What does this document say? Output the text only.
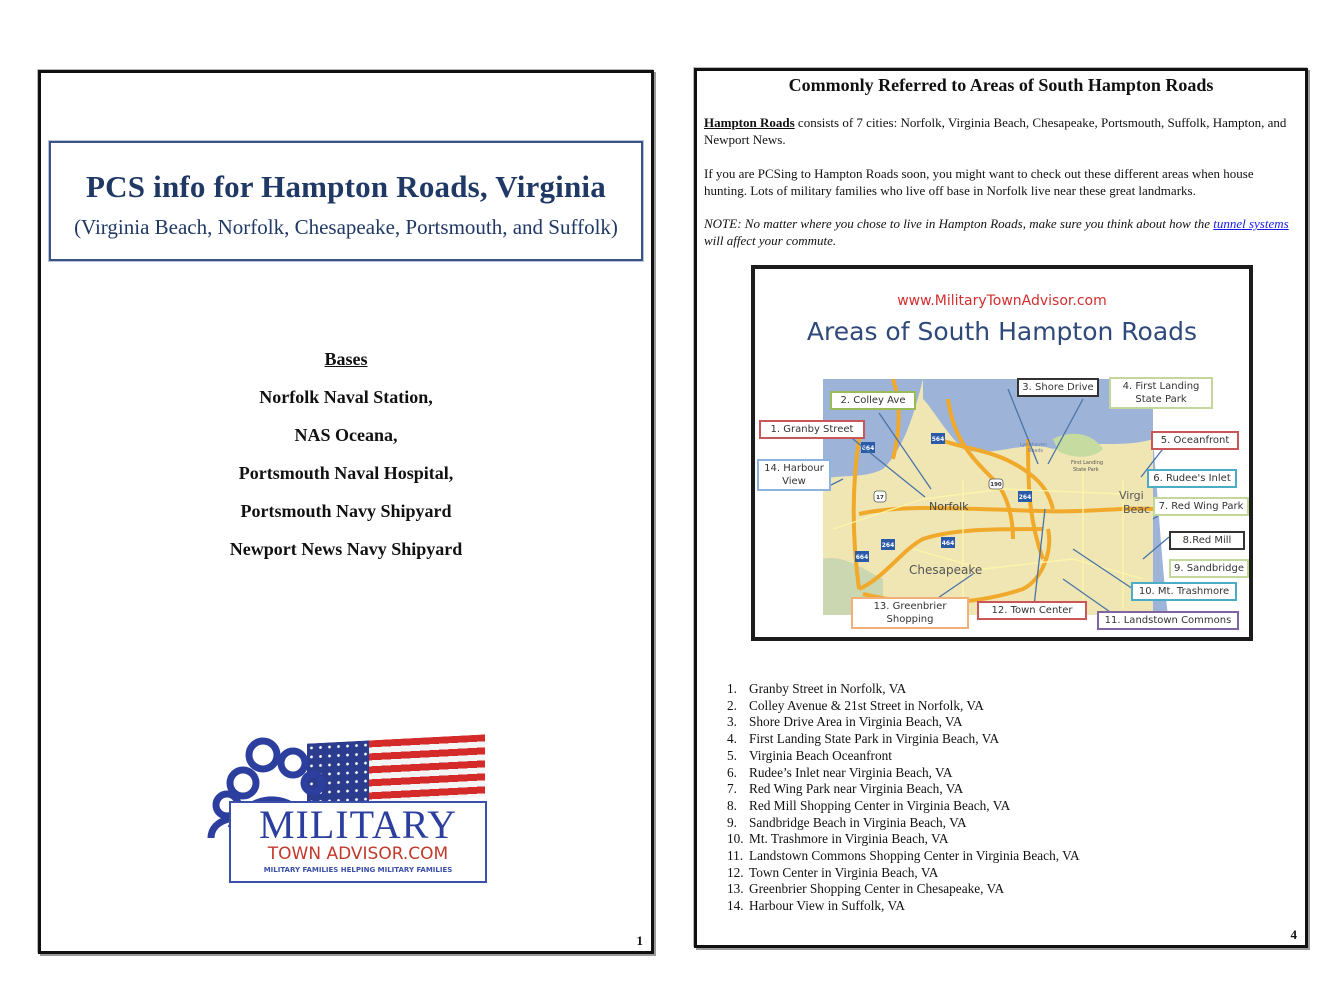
PCS info for Hampton Roads, Virginia
(Virginia Beach, Norfolk, Chesapeake, Portsmouth, and Suffolk)
Bases
Norfolk Naval Station,
NAS Oceana,
Portsmouth Naval Hospital,
Portsmouth Navy Shipyard
Newport News Navy Shipyard
MILITARY
TOWN ADVISOR.COM
MILITARY FAMILIES HELPING MILITARY FAMILIES
1
Commonly Referred to Areas of South Hampton Roads
Hampton Roads consists of 7 cities: Norfolk, Virginia Beach, Chesapeake, Portsmouth, Suffolk, Hampton, and Newport News.
If you are PCSing to Hampton Roads soon, you might want to check out these different areas when house hunting. Lots of military families who live off base in Norfolk live near these great landmarks.
NOTE: No matter where you chose to live in Hampton Roads, make sure you think about how the tunnel systems will affect your commute.
www.MilitaryTownAdvisor.com
Areas of South Hampton Roads
564
664
264
464
264
664
17
190
Norfolk
Chesapeake
Lynnhaven
Roads
First Landing
State Park
Virgi
Beac
1. Granby Street
2. Colley Ave
3. Shore Drive	4. First Landing
State Park
5. Oceanfront
6. Rudee's Inlet
7. Red Wing Park
8.Red Mill
9. Sandbridge
10. Mt. Trashmore
11. Landstown Commons
12. Town Center
13. Greenbrier
Shopping
14. Harbour
View
1. Granby Street in Norfolk, VA
2. Colley Avenue & 21st Street in Norfolk, VA
3. Shore Drive Area in Virginia Beach, VA
4. First Landing State Park in Virginia Beach, VA
5. Virginia Beach Oceanfront
6. Rudee’s Inlet near Virginia Beach, VA
7. Red Wing Park near Virginia Beach, VA
8. Red Mill Shopping Center in Virginia Beach, VA
9. Sandbridge Beach in Virginia Beach, VA
10. Mt. Trashmore in Virginia Beach, VA
11. Landstown Commons Shopping Center in Virginia Beach, VA
12. Town Center in Virginia Beach, VA
13. Greenbrier Shopping Center in Chesapeake, VA
14. Harbour View in Suffolk, VA
4
